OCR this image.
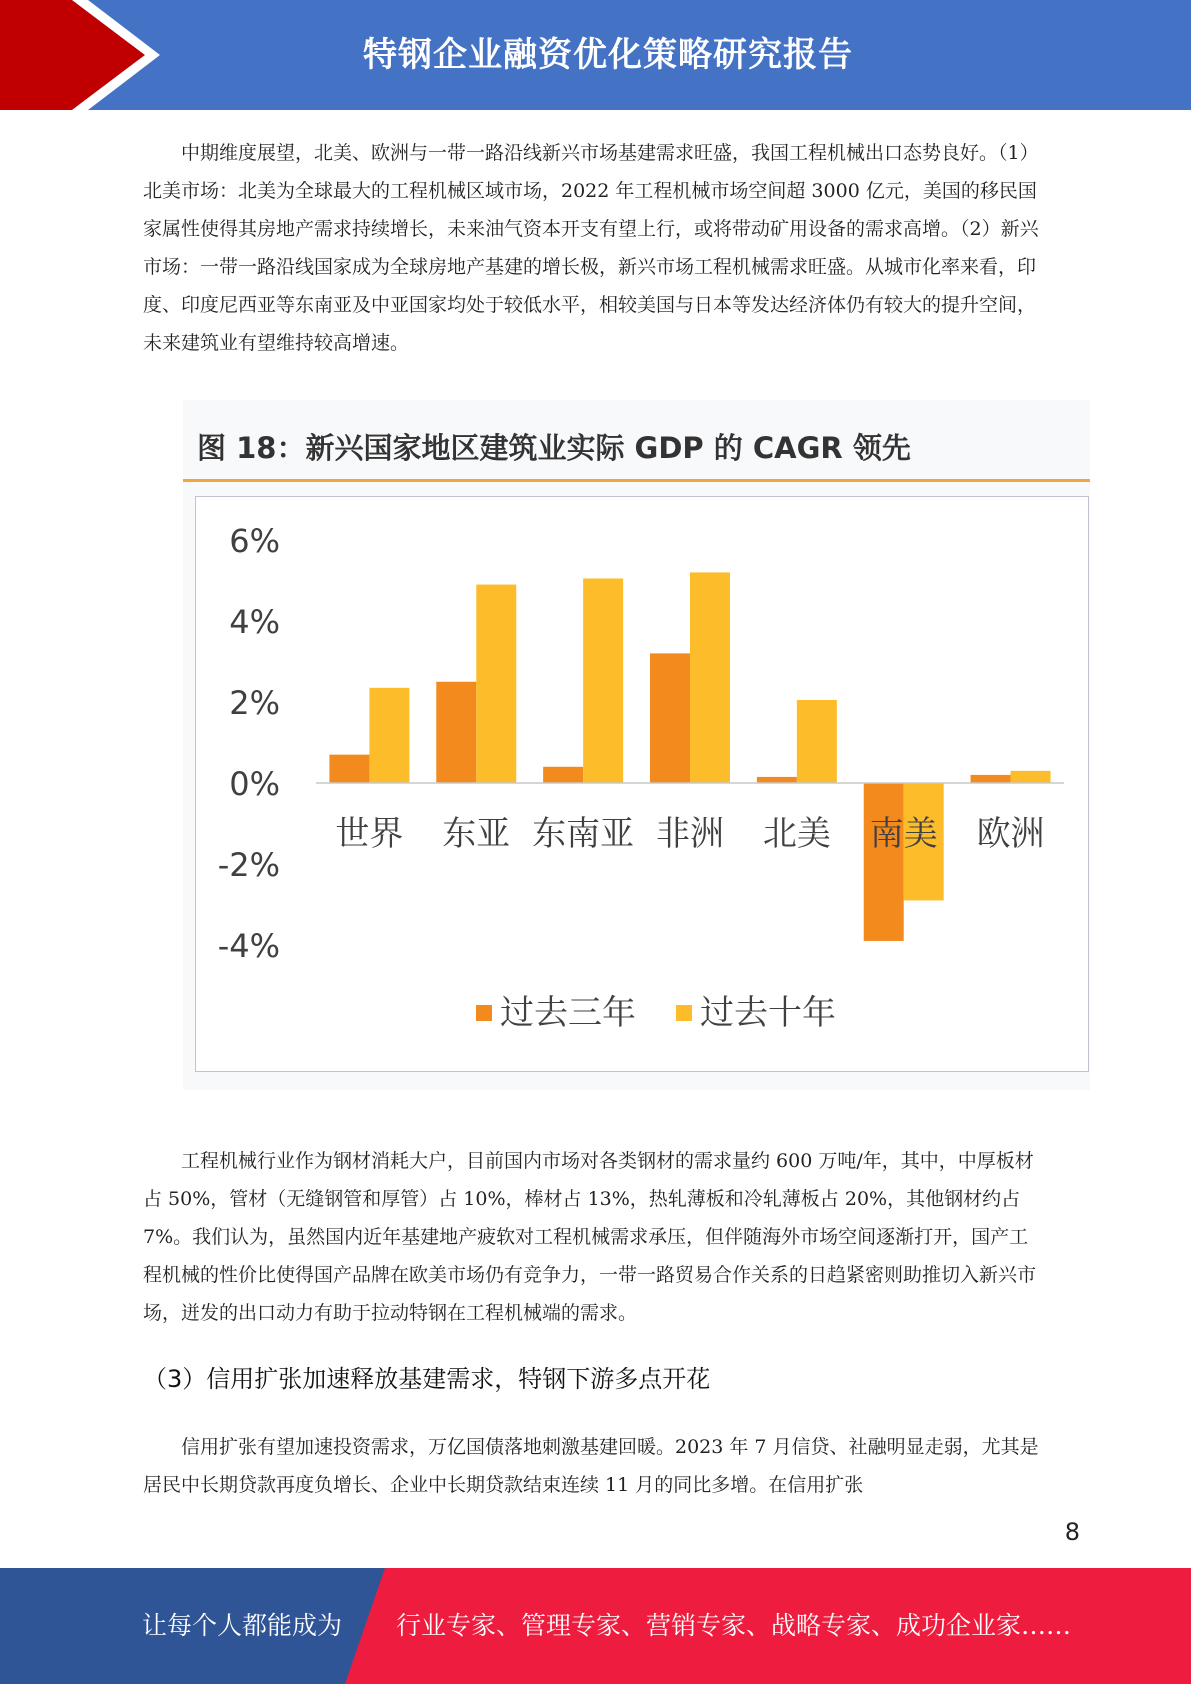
特钢企业融资优化策略研究报告

中期维度展望，北美、欧洲与一带一路沿线新兴市场基建需求旺盛，我国工程机械出口态势良好。（1）北美市场：北美为全球最大的工程机械区域市场，2022 年工程机械市场空间超 3000 亿元，美国的移民国家属性使得其房地产需求持续增长，未来油气资本开支有望上行，或将带动矿用设备的需求高增。（2）新兴市场：一带一路沿线国家成为全球房地产基建的增长极，新兴市场工程机械需求旺盛。从城市化率来看，印度、印度尼西亚等东南亚及中亚国家均处于较低水平，相较美国与日本等发达经济体仍有较大的提升空间，未来建筑业有望维持较高增速。

图 18：新兴国家地区建筑业实际 GDP 的 CAGR 领先
6%
4%
2%
0%
-2%
-4%
世界 东亚 东南亚 非洲 北美 南美 欧洲
过去三年 过去十年

工程机械行业作为钢材消耗大户，目前国内市场对各类钢材的需求量约 600 万吨/年，其中，中厚板材占 50%，管材（无缝钢管和厚管）占 10%，棒材占 13%，热轧薄板和冷轧薄板占 20%，其他钢材约占 7%。我们认为，虽然国内近年基建地产疲软对工程机械需求承压，但伴随海外市场空间逐渐打开，国产工程机械的性价比使得国产品牌在欧美市场仍有竞争力，一带一路贸易合作关系的日趋紧密则助推切入新兴市场，迸发的出口动力有助于拉动特钢在工程机械端的需求。

（3）信用扩张加速释放基建需求，特钢下游多点开花

信用扩张有望加速投资需求，万亿国债落地刺激基建回暖。2023 年 7 月信贷、社融明显走弱，尤其是居民中长期贷款再度负增长、企业中长期贷款结束连续 11 月的同比多增。在信用扩张

8
让每个人都能成为 行业专家、管理专家、营销专家、战略专家、成功企业家……
